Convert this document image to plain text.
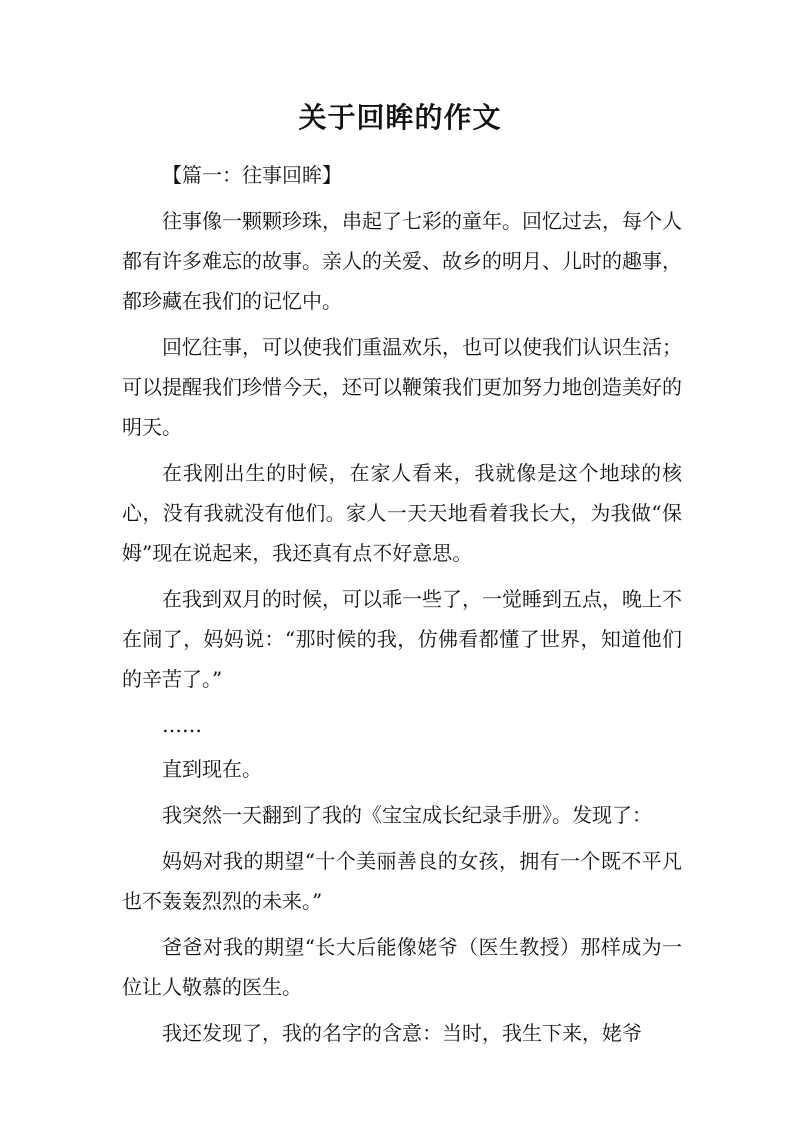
关于回眸的作文

【篇一：往事回眸】

往事像一颗颗珍珠，串起了七彩的童年。回忆过去，每个人都有许多难忘的故事。亲人的关爱、故乡的明月、儿时的趣事，都珍藏在我们的记忆中。

回忆往事，可以使我们重温欢乐，也可以使我们认识生活；可以提醒我们珍惜今天，还可以鞭策我们更加努力地创造美好的明天。

在我刚出生的时候，在家人看来，我就像是这个地球的核心，没有我就没有他们。家人一天天地看着我长大，为我做“保姆”现在说起来，我还真有点不好意思。

在我到双月的时候，可以乖一些了，一觉睡到五点，晚上不在闹了，妈妈说：“那时候的我，仿佛看都懂了世界，知道他们的辛苦了。”

……

直到现在。

我突然一天翻到了我的《宝宝成长纪录手册》。发现了：

妈妈对我的期望“十个美丽善良的女孩，拥有一个既不平凡也不轰轰烈烈的未来。”

爸爸对我的期望“长大后能像姥爷（医生教授）那样成为一位让人敬慕的医生。

我还发现了，我的名字的含意：当时，我生下来，姥爷
